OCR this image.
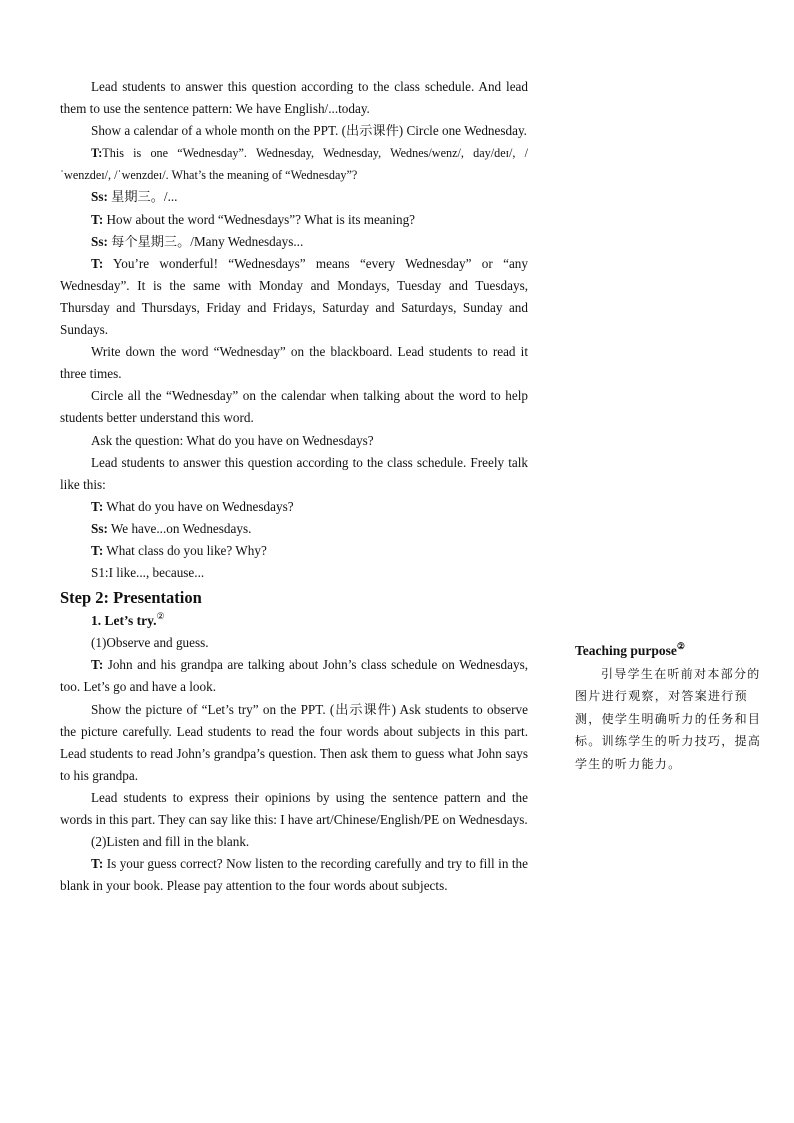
Lead students to answer this question according to the class schedule. And lead them to use the sentence pattern: We have English/...today.

Show a calendar of a whole month on the PPT. (出示课件) Circle one Wednesday.

T:This is one “Wednesday”. Wednesday, Wednesday, Wednes/wenz/, day/deɪ/, /ˈwenzdeɪ/, /ˈwenzdeɪ/. What’s the meaning of “Wednesday”?

Ss: 星期三。/...

T: How about the word “Wednesdays”? What is its meaning?

Ss: 每个星期三。/Many Wednesdays...

T: You’re wonderful! “Wednesdays” means “every Wednesday” or “any Wednesday”. It is the same with Monday and Mondays, Tuesday and Tuesdays, Thursday and Thursdays, Friday and Fridays, Saturday and Saturdays, Sunday and Sundays.

Write down the word “Wednesday” on the blackboard. Lead students to read it three times.

Circle all the “Wednesday” on the calendar when talking about the word to help students better understand this word.

Ask the question: What do you have on Wednesdays?

Lead students to answer this question according to the class schedule. Freely talk like this:

T: What do you have on Wednesdays?

Ss: We have...on Wednesdays.

T: What class do you like? Why?

S1:I like..., because...

Step 2: Presentation

1. Let’s try.②

(1)Observe and guess.

T: John and his grandpa are talking about John’s class schedule on Wednesdays, too. Let’s go and have a look.

Show the picture of “Let’s try” on the PPT. (出示课件) Ask students to observe the picture carefully. Lead students to read the four words about subjects in this part. Lead students to read John’s grandpa’s question. Then ask them to guess what John says to his grandpa.

Lead students to express their opinions by using the sentence pattern and the words in this part. They can say like this: I have art/Chinese/English/PE on Wednesdays.

(2)Listen and fill in the blank.

T: Is your guess correct? Now listen to the recording carefully and try to fill in the blank in your book. Please pay attention to the four words about subjects.

Teaching purpose②

引导学生在听前对本部分的图片进行观察，对答案进行预测，使学生明确听力的任务和目标。训练学生的听力技巧，提高学生的听力能力。
